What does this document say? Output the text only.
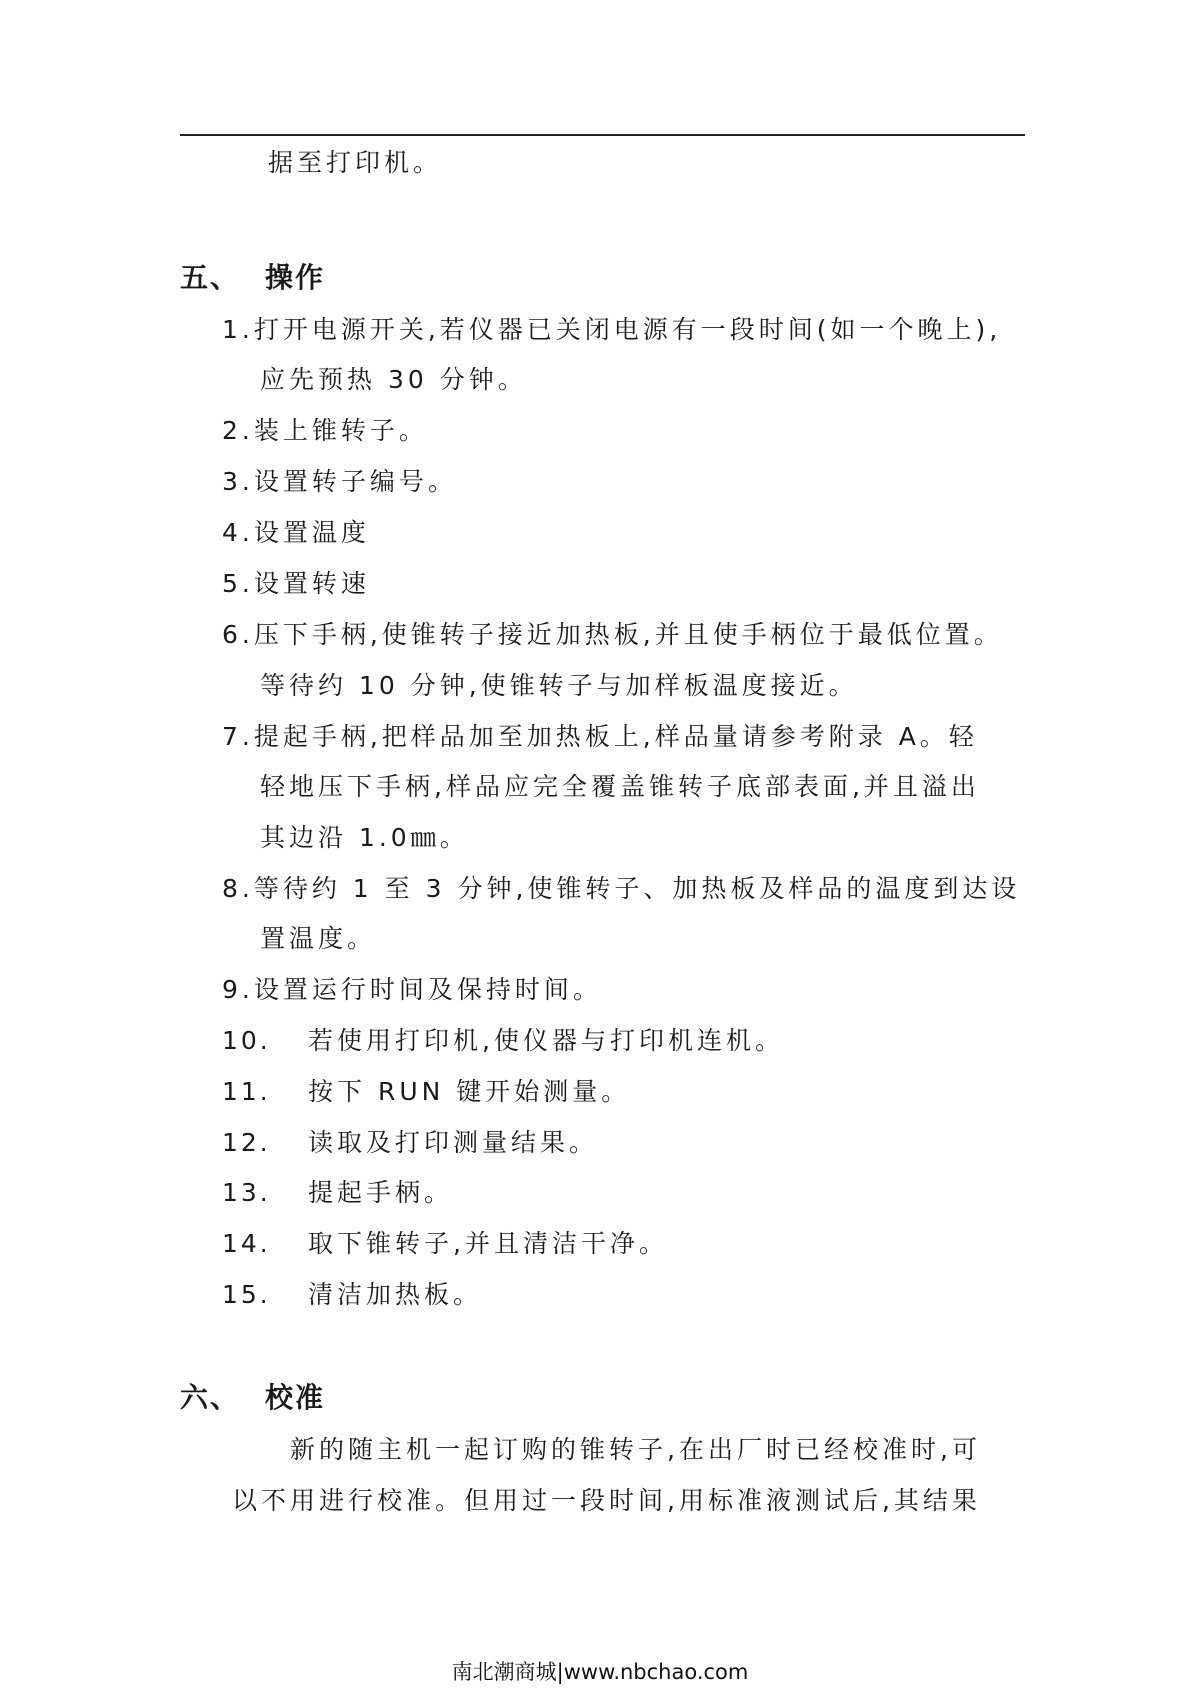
据至打印机。
五、 操作
1.打开电源开关,若仪器已关闭电源有一段时间(如一个晚上),
应先预热 30 分钟。
2.装上锥转子。
3.设置转子编号。
4.设置温度
5.设置转速
6.压下手柄,使锥转子接近加热板,并且使手柄位于最低位置。
等待约 10 分钟,使锥转子与加样板温度接近。
7.提起手柄,把样品加至加热板上,样品量请参考附录 A。轻
轻地压下手柄,样品应完全覆盖锥转子底部表面,并且溢出
其边沿 1.0㎜。
8.等待约 1 至 3 分钟,使锥转子、加热板及样品的温度到达设
置温度。
9.设置运行时间及保持时间。
10. 若使用打印机,使仪器与打印机连机。
11. 按下 RUN 键开始测量。
12. 读取及打印测量结果。
13. 提起手柄。
14. 取下锥转子,并且清洁干净。
15. 清洁加热板。
六、 校准
新的随主机一起订购的锥转子,在出厂时已经校准时,可
以不用进行校准。但用过一段时间,用标准液测试后,其结果
南北潮商城|www.nbchao.com
